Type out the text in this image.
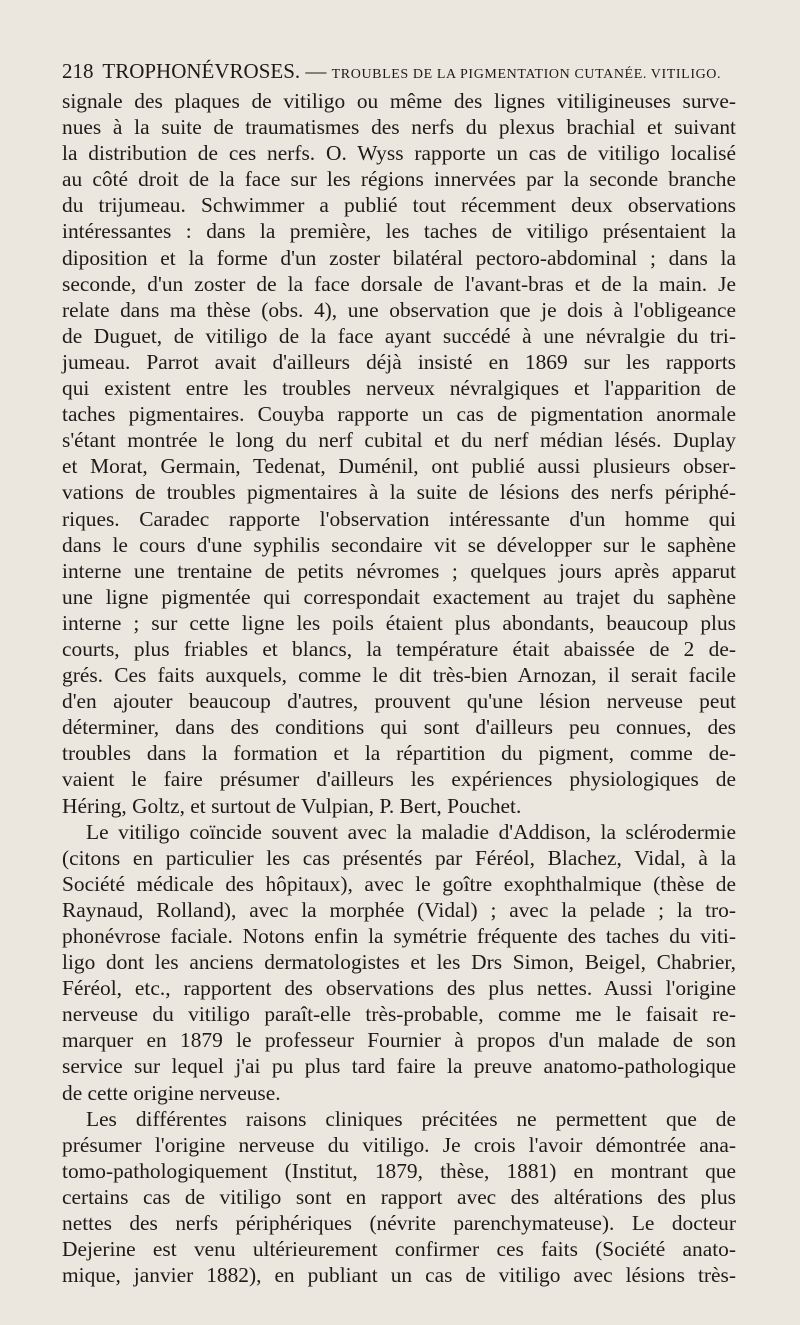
218 TROPHONÉVROSES. — TROUBLES DE LA PIGMENTATION CUTANÉE. VITILIGO.
signale des plaques de vitiligo ou même des lignes vitiligineuses surve-
nues à la suite de traumatismes des nerfs du plexus brachial et suivant
la distribution de ces nerfs. O. Wyss rapporte un cas de vitiligo localisé
au côté droit de la face sur les régions innervées par la seconde branche
du trijumeau. Schwimmer a publié tout récemment deux observations
intéressantes : dans la première, les taches de vitiligo présentaient la
diposition et la forme d'un zoster bilatéral pectoro-abdominal ; dans la
seconde, d'un zoster de la face dorsale de l'avant-bras et de la main. Je
relate dans ma thèse (obs. 4), une observation que je dois à l'obligeance
de Duguet, de vitiligo de la face ayant succédé à une névralgie du tri-
jumeau. Parrot avait d'ailleurs déjà insisté en 1869 sur les rapports
qui existent entre les troubles nerveux névralgiques et l'apparition de
taches pigmentaires. Couyba rapporte un cas de pigmentation anormale
s'étant montrée le long du nerf cubital et du nerf médian lésés. Duplay
et Morat, Germain, Tedenat, Duménil, ont publié aussi plusieurs obser-
vations de troubles pigmentaires à la suite de lésions des nerfs périphé-
riques. Caradec rapporte l'observation intéressante d'un homme qui
dans le cours d'une syphilis secondaire vit se développer sur le saphène
interne une trentaine de petits névromes ; quelques jours après apparut
une ligne pigmentée qui correspondait exactement au trajet du saphène
interne ; sur cette ligne les poils étaient plus abondants, beaucoup plus
courts, plus friables et blancs, la température était abaissée de 2 de-
grés. Ces faits auxquels, comme le dit très-bien Arnozan, il serait facile
d'en ajouter beaucoup d'autres, prouvent qu'une lésion nerveuse peut
déterminer, dans des conditions qui sont d'ailleurs peu connues, des
troubles dans la formation et la répartition du pigment, comme de-
vaient le faire présumer d'ailleurs les expériences physiologiques de
Héring, Goltz, et surtout de Vulpian, P. Bert, Pouchet.
Le vitiligo coïncide souvent avec la maladie d'Addison, la sclérodermie
(citons en particulier les cas présentés par Féréol, Blachez, Vidal, à la
Société médicale des hôpitaux), avec le goître exophthalmique (thèse de
Raynaud, Rolland), avec la morphée (Vidal) ; avec la pelade ; la tro-
phonévrose faciale. Notons enfin la symétrie fréquente des taches du viti-
ligo dont les anciens dermatologistes et les Drs Simon, Beigel, Chabrier,
Féréol, etc., rapportent des observations des plus nettes. Aussi l'origine
nerveuse du vitiligo paraît-elle très-probable, comme me le faisait re-
marquer en 1879 le professeur Fournier à propos d'un malade de son
service sur lequel j'ai pu plus tard faire la preuve anatomo-pathologique
de cette origine nerveuse.
Les différentes raisons cliniques précitées ne permettent que de
présumer l'origine nerveuse du vitiligo. Je crois l'avoir démontrée ana-
tomo-pathologiquement (Institut, 1879, thèse, 1881) en montrant que
certains cas de vitiligo sont en rapport avec des altérations des plus
nettes des nerfs périphériques (névrite parenchymateuse). Le docteur
Dejerine est venu ultérieurement confirmer ces faits (Société anato-
mique, janvier 1882), en publiant un cas de vitiligo avec lésions très-
